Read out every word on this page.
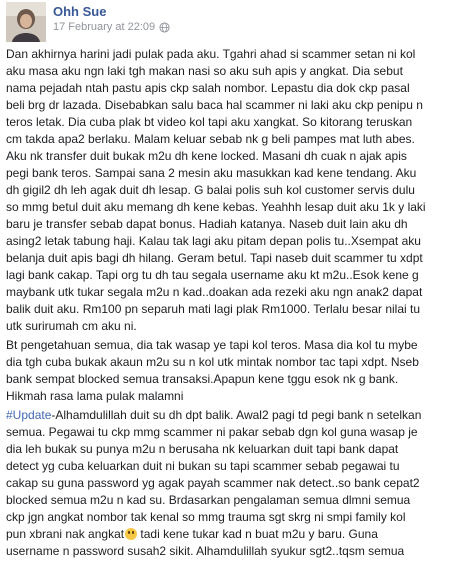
Ohh Sue
17 February at 22:09
Dan akhirnya harini jadi pulak pada aku. Tgahri ahad si scammer setan ni kol
aku masa aku ngn laki tgh makan nasi so aku suh apis y angkat. Dia sebut
nama pejadah ntah pastu apis ckp salah nombor. Lepastu dia dok ckp pasal
beli brg dr lazada. Disebabkan salu baca hal scammer ni laki aku ckp penipu n
teros letak. Dia cuba plak bt video kol tapi aku xangkat. So kitorang teruskan
cm takda apa2 berlaku. Malam keluar sebab nk g beli pampes mat luth abes.
Aku nk transfer duit bukak m2u dh kene locked. Masani dh cuak n ajak apis
pegi bank teros. Sampai sana 2 mesin aku masukkan kad kene tendang. Aku
dh gigil2 dh leh agak duit dh lesap. G balai polis suh kol customer servis dulu
so mmg betul duit aku memang dh kene kebas. Yeahhh lesap duit aku 1k y laki
baru je transfer sebab dapat bonus. Hadiah katanya. Naseb duit lain aku dh
asing2 letak tabung haji. Kalau tak lagi aku pitam depan polis tu..Xsempat aku
belanja duit apis bagi dh hilang. Geram betul. Tapi naseb duit scammer tu xdpt
lagi bank cakap. Tapi org tu dh tau segala username aku kt m2u..Esok kene g
maybank utk tukar segala m2u n kad..doakan ada rezeki aku ngn anak2 dapat
balik duit aku. Rm100 pn separuh mati lagi plak Rm1000. Terlalu besar nilai tu
utk surirumah cm aku ni.
Bt pengetahuan semua, dia tak wasap ye tapi kol teros. Masa dia kol tu mybe
dia tgh cuba bukak akaun m2u su n kol utk mintak nombor tac tapi xdpt. Nseb
bank sempat blocked semua transaksi.Apapun kene tggu esok nk g bank.
Hikmah rasa lama pulak malamni
#Update-Alhamdulillah duit su dh dpt balik. Awal2 pagi td pegi bank n setelkan
semua. Pegawai tu ckp mmg scammer ni pakar sebab dgn kol guna wasap je
dia leh bukak su punya m2u n berusaha nk keluarkan duit tapi bank dapat
detect yg cuba keluarkan duit ni bukan su tapi scammer sebab pegawai tu
cakap su guna password yg agak payah scammer nak detect..so bank cepat2
blocked semua m2u n kad su. Brdasarkan pengalaman semua dlmni semua
ckp jgn angkat nombor tak kenal so mmg trauma sgt skrg ni smpi family kol
pun xbrani nak angkat tadi kene tukar kad n buat m2u y baru. Guna
username n password susah2 sikit. Alhamdulillah syukur sgt2..tqsm semua
